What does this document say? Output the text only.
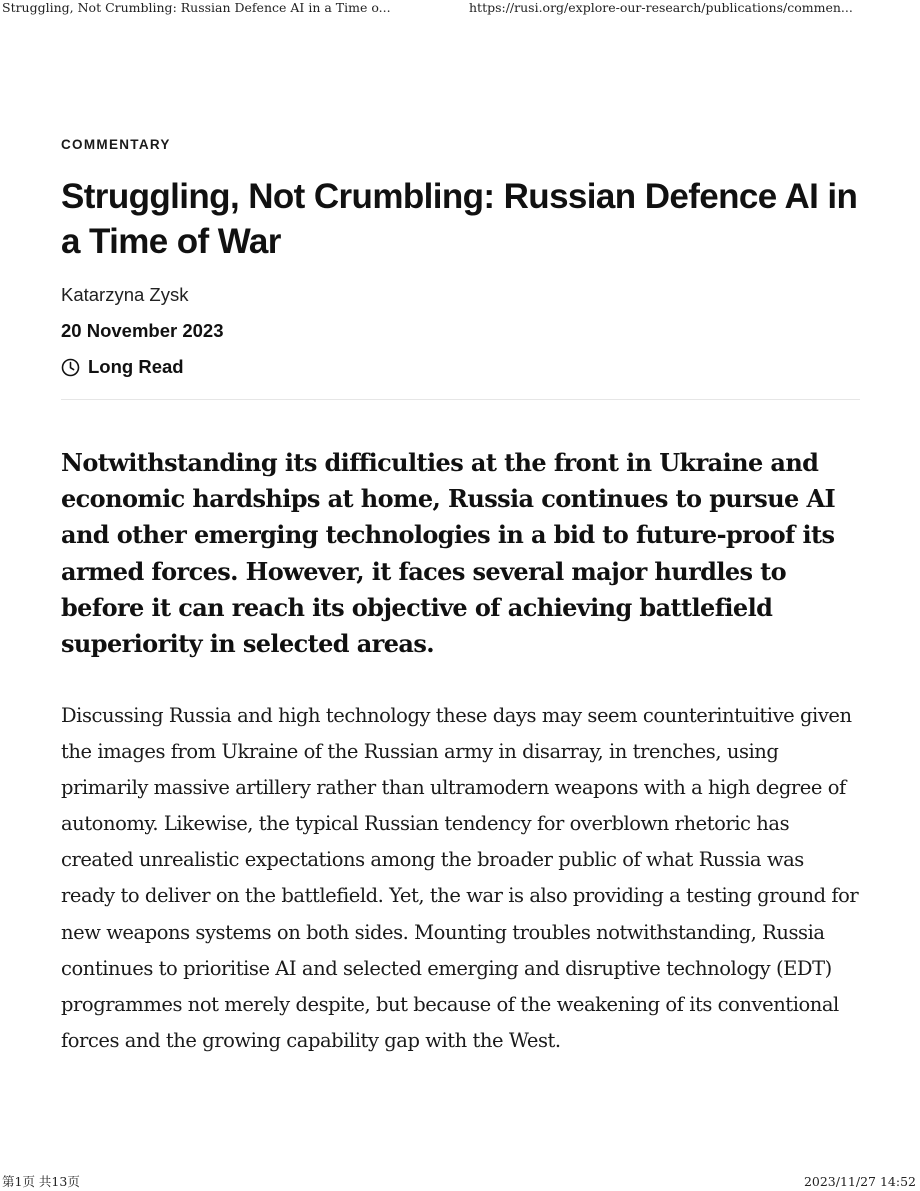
Struggling, Not Crumbling: Russian Defence AI in a Time o...	https://rusi.org/explore-our-research/publications/commen...
COMMENTARY
Struggling, Not Crumbling: Russian Defence AI in a Time of War
Katarzyna Zysk
20 November 2023
Long Read

Notwithstanding its difficulties at the front in Ukraine and economic hardships at home, Russia continues to pursue AI and other emerging technologies in a bid to future-proof its armed forces. However, it faces several major hurdles to before it can reach its objective of achieving battlefield superiority in selected areas.

Discussing Russia and high technology these days may seem counterintuitive given the images from Ukraine of the Russian army in disarray, in trenches, using primarily massive artillery rather than ultramodern weapons with a high degree of autonomy. Likewise, the typical Russian tendency for overblown rhetoric has created unrealistic expectations among the broader public of what Russia was ready to deliver on the battlefield. Yet, the war is also providing a testing ground for new weapons systems on both sides. Mounting troubles notwithstanding, Russia continues to prioritise AI and selected emerging and disruptive technology (EDT) programmes not merely despite, but because of the weakening of its conventional forces and the growing capability gap with the West.

第1页 共13页	2023/11/27 14:52
